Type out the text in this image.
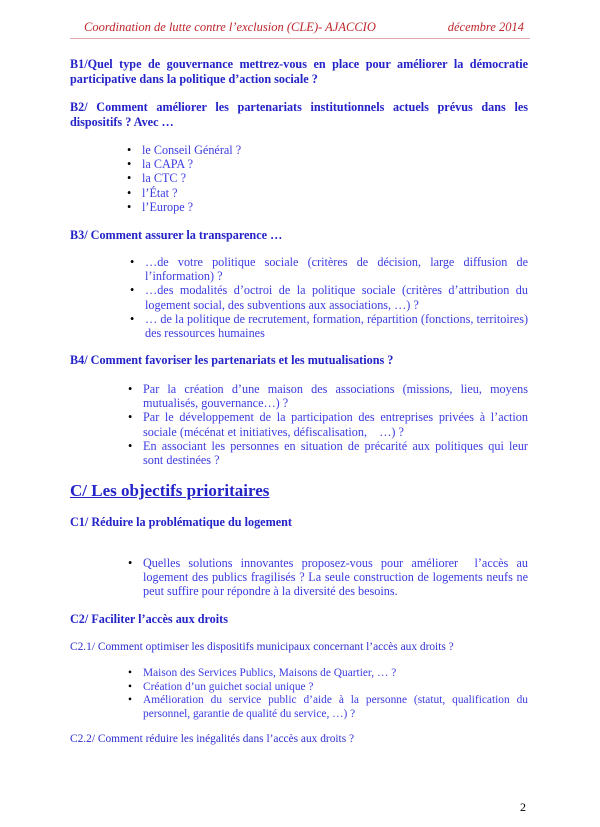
Coordination de lutte contre l’exclusion (CLE)- AJACCIO	décembre 2014
B1/Quel type de gouvernance mettrez-vous en place pour améliorer la démocratie participative dans la politique d’action sociale ?
B2/ Comment améliorer les partenariats institutionnels actuels prévus dans les dispositifs ? Avec …
• le Conseil Général ?
• la CAPA ?
• la CTC ?
• l’État ?
• l’Europe ?
B3/ Comment assurer la transparence …
• …de votre politique sociale (critères de décision, large diffusion de l’information) ?
• …des modalités d’octroi de la politique sociale (critères d’attribution du logement social, des subventions aux associations, …) ?
• … de la politique de recrutement, formation, répartition (fonctions, territoires) des ressources humaines
B4/ Comment favoriser les partenariats et les mutualisations ?
• Par la création d’une maison des associations (missions, lieu, moyens mutualisés, gouvernance…) ?
• Par le développement de la participation des entreprises privées à l’action sociale (mécénat et initiatives, défiscalisation,    …) ?
• En associant les personnes en situation de précarité aux politiques qui leur sont destinées ?
C/ Les objectifs prioritaires
C1/ Réduire la problématique du logement
• Quelles solutions innovantes proposez-vous pour améliorer  l’accès au logement des publics fragilisés ? La seule construction de logements neufs ne peut suffire pour répondre à la diversité des besoins.
C2/ Faciliter l’accès aux droits
C2.1/ Comment optimiser les dispositifs municipaux concernant l’accès aux droits ?
• Maison des Services Publics, Maisons de Quartier, … ?
• Création d’un guichet social unique ?
• Amélioration du service public d’aide à la personne (statut, qualification du personnel, garantie de qualité du service, …) ?
C2.2/ Comment réduire les inégalités dans l’accès aux droits ?
2
